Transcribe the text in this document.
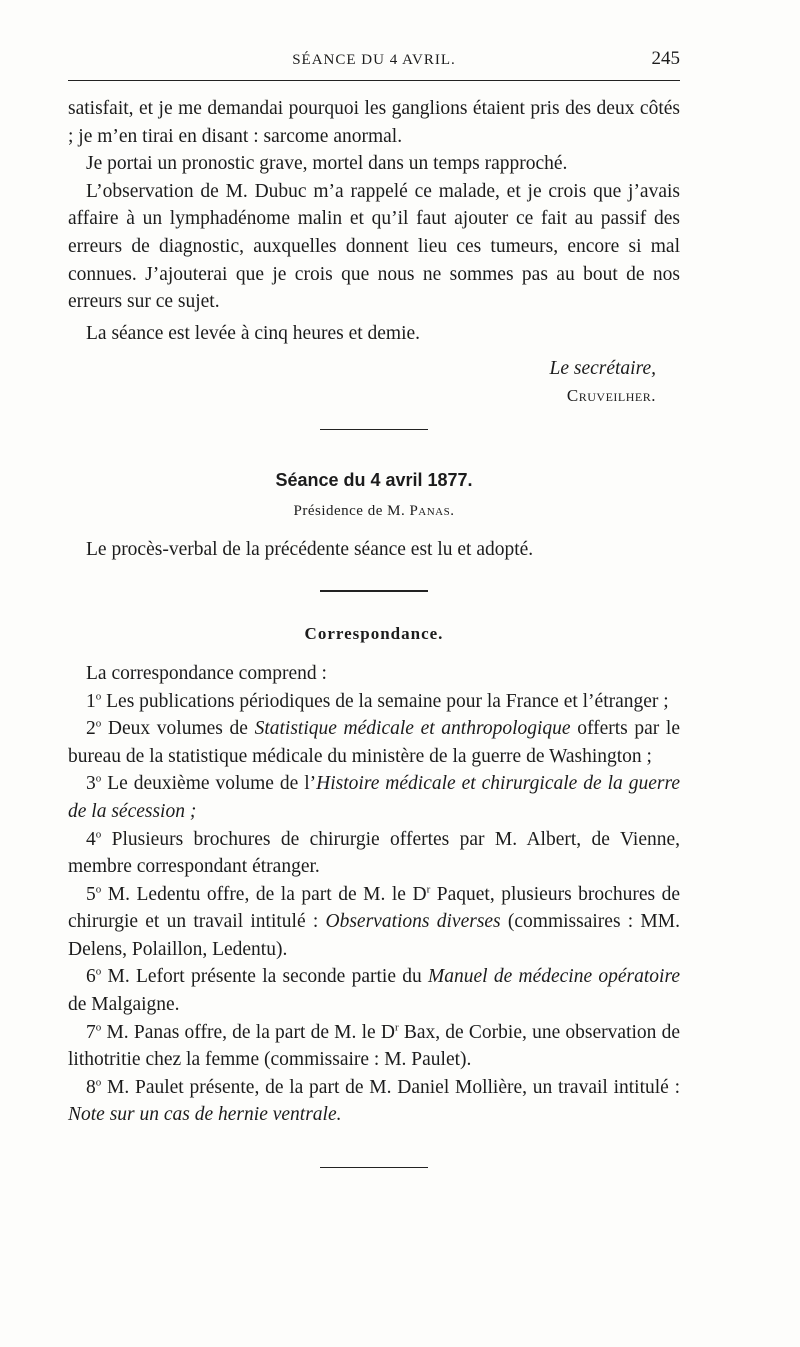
SÉANCE DU 4 AVRIL.	245

satisfait, et je me demandai pourquoi les ganglions étaient pris des deux côtés ; je m’en tirai en disant : sarcome anormal.

Je portai un pronostic grave, mortel dans un temps rapproché.

L’observation de M. Dubuc m’a rappelé ce malade, et je crois que j’avais affaire à un lymphadénome malin et qu’il faut ajouter ce fait au passif des erreurs de diagnostic, auxquelles donnent lieu ces tumeurs, encore si mal connues. J’ajouterai que je crois que nous ne sommes pas au bout de nos erreurs sur ce sujet.

La séance est levée à cinq heures et demie.

Le secrétaire,
Cruveilher.
Séance du 4 avril 1877.
Présidence de M. Panas.

Le procès-verbal de la précédente séance est lu et adopté.

Correspondance.

La correspondance comprend :

1$^o$ Les publications périodiques de la semaine pour la France et l’étranger ;

2$^o$ Deux volumes de Statistique médicale et anthropologique offerts par le bureau de la statistique médicale du ministère de la guerre de Washington ;

3$^o$ Le deuxième volume de l’Histoire médicale et chirurgicale de la guerre de la sécession ;

4$^o$ Plusieurs brochures de chirurgie offertes par M. Albert, de Vienne, membre correspondant étranger.

5$^o$ M. Ledentu offre, de la part de M. le $D^r$ Paquet, plusieurs brochures de chirurgie et un travail intitulé : Observations diverses (commissaires : MM. Delens, Polaillon, Ledentu).

6$^o$ M. Lefort présente la seconde partie du Manuel de médecine opératoire de Malgaigne.

7$^o$ M. Panas offre, de la part de M. le $D^r$ Bax, de Corbie, une observation de lithotritie chez la femme (commissaire : M. Paulet).

8$^o$ M. Paulet présente, de la part de M. Daniel Mollière, un travail intitulé : Note sur un cas de hernie ventrale.
